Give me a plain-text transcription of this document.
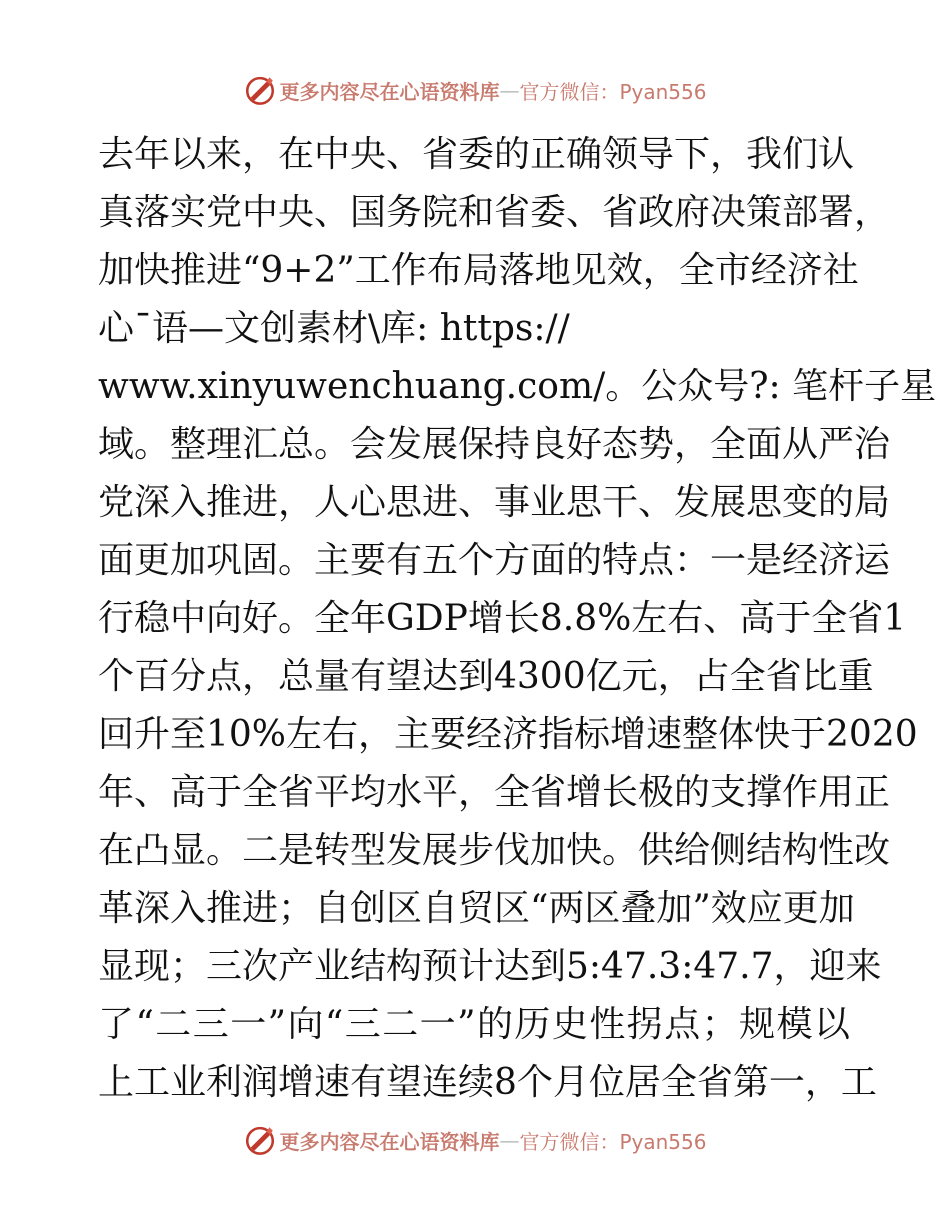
更多内容尽在心语资料库 — 官方微信：Pyan556
去年以来，在中央、省委的正确领导下，我们认
真落实党中央、国务院和省委、省政府决策部署，
加快推进“9+2”工作布局落地见效，全市经济社
心¯语—文创素材\库: https://
www.xinyuwenchuang.com/。公众号?: 笔杆子星
域。整理汇总。会发展保持良好态势，全面从严治
党深入推进，人心思进、事业思干、发展思变的局
面更加巩固。主要有五个方面的特点：一是经济运
行稳中向好。全年GDP增长8.8%左右、高于全省1
个百分点，总量有望达到4300亿元，占全省比重
回升至10%左右，主要经济指标增速整体快于2020
年、高于全省平均水平，全省增长极的支撑作用正
在凸显。二是转型发展步伐加快。供给侧结构性改
革深入推进；自创区自贸区“两区叠加”效应更加
显现；三次产业结构预计达到5:47.3:47.7，迎来
了“二三一”向“三二一”的历史性拐点；规模以
上工业利润增速有望连续8个月位居全省第一，工
更多内容尽在心语资料库 — 官方微信：Pyan556
